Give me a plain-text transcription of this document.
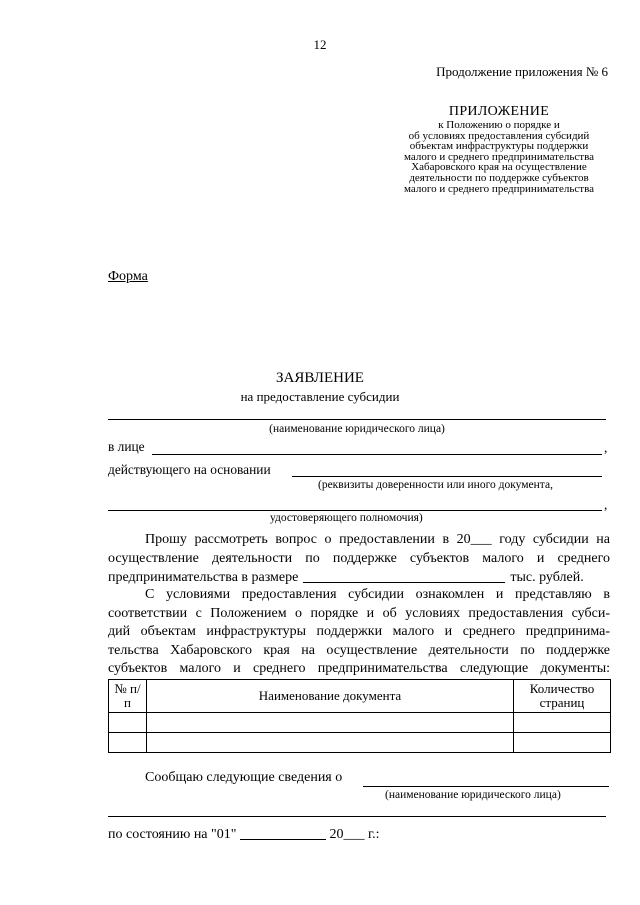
12
Продолжение приложения № 6
ПРИЛОЖЕНИЕ
к Положению о порядке и
об условиях предоставления субсидий
объектам инфраструктуры поддержки
малого и среднего предпринимательства
Хабаровского края на осуществление
деятельности по поддержке субъектов
малого и среднего предпринимательства
Форма
ЗАЯВЛЕНИЕ
на предоставление субсидии
(наименование юридического лица)
в лице	,
действующего на основании
(реквизиты доверенности или иного документа,
,
удостоверяющего полномочия)
Прошу рассмотреть вопрос о предоставлении в 20___ году субсидии на
осуществление деятельности по поддержке субъектов малого и среднего
предпринимательства в размере	тыс. рублей.
С условиями предоставления субсидии ознакомлен и представляю в
соответствии с Положением о порядке и об условиях предоставления субси-
дий объектам инфраструктуры поддержки малого и среднего предпринима-
тельства Хабаровского края на осуществление деятельности по поддержке
субъектов малого и среднего предпринимательства следующие документы:
№ п/п	Наименование документа	Количество страниц

Сообщаю следующие сведения о
(наименование юридического лица)
по состоянию на "01"	20___ г.:
